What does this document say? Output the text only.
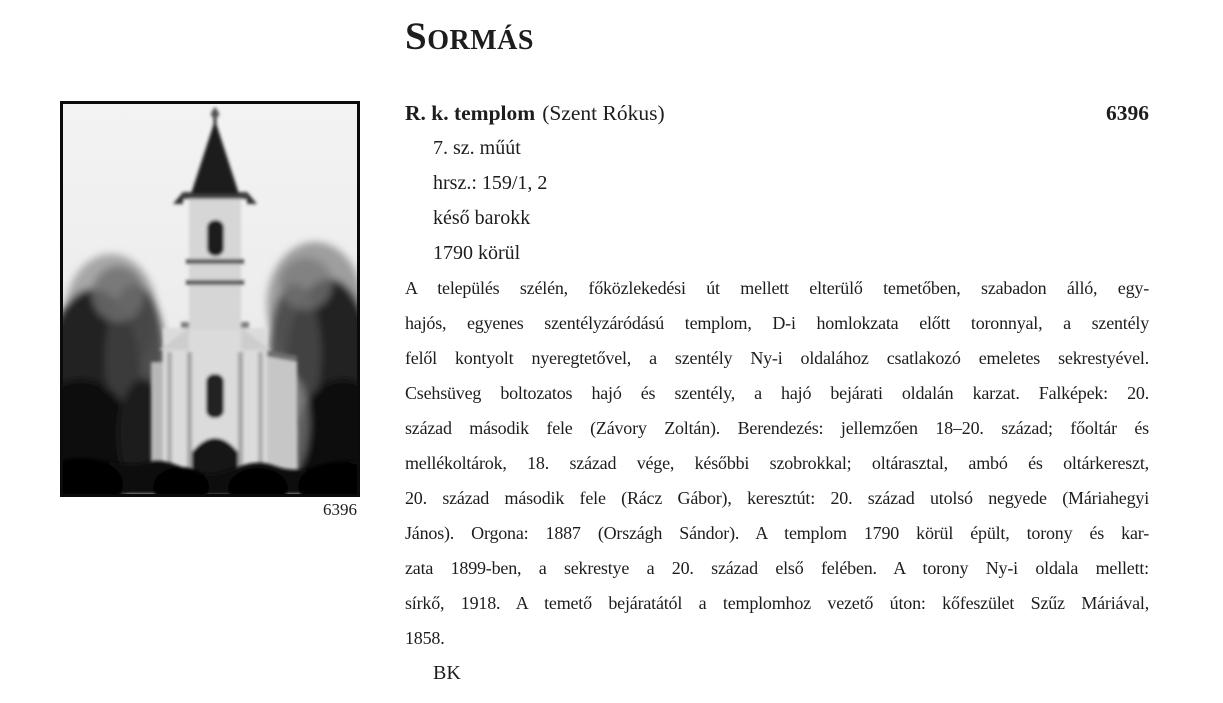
SORMÁS
6396
R. k. templom (Szent Rókus)	6396
7. sz. műút
hrsz.: 159/1, 2
késő barokk
1790 körül
A település szélén, főközlekedési út mellett elterülő temetőben, szabadon álló, egy-
hajós, egyenes szentélyzáródású templom, D-i homlokzata előtt toronnyal, a szentély
felől kontyolt nyeregtetővel, a szentély Ny-i oldalához csatlakozó emeletes sekrestyével.
Csehsüveg boltozatos hajó és szentély, a hajó bejárati oldalán karzat. Falképek: 20.
század második fele (Závory Zoltán). Berendezés: jellemzően 18–20. század; főoltár és
mellékoltárok, 18. század vége, későbbi szobrokkal; oltárasztal, ambó és oltárkereszt,
20. század második fele (Rácz Gábor), keresztút: 20. század utolsó negyede (Máriahegyi
János). Orgona: 1887 (Országh Sándor). A templom 1790 körül épült, torony és kar-
zata 1899-ben, a sekrestye a 20. század első felében. A torony Ny-i oldala mellett:
sírkő, 1918. A temető bejáratától a templomhoz vezető úton: kőfeszület Szűz Máriával,
1858.
BK
